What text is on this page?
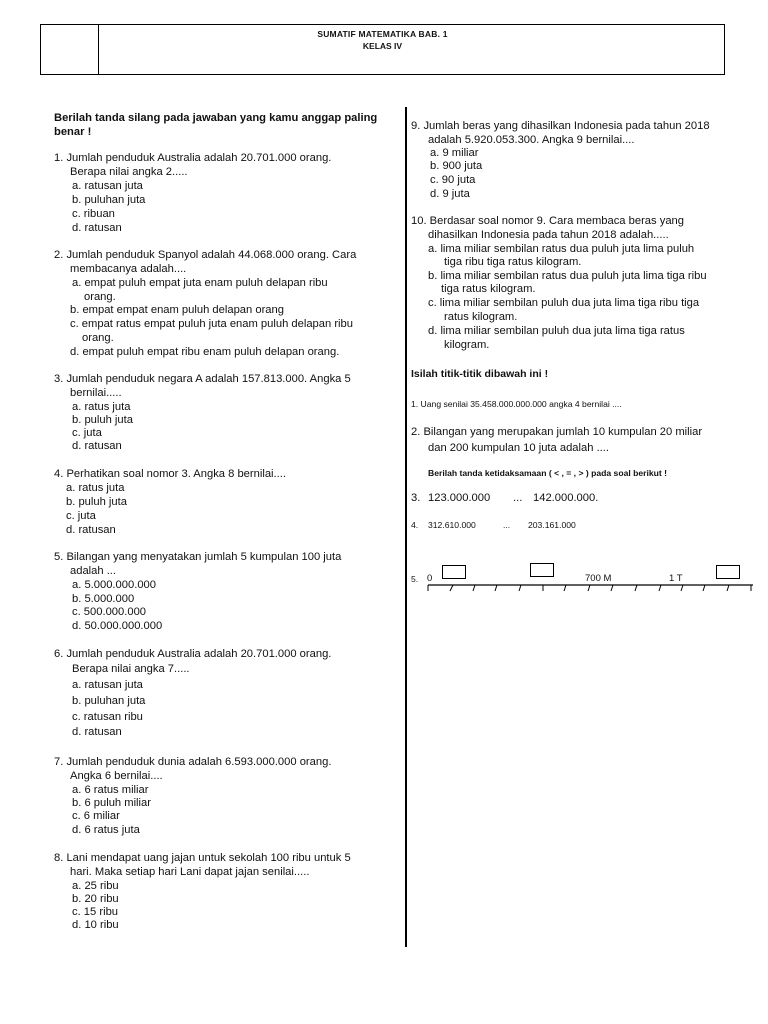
SUMATIF MATEMATIKA BAB. 1
KELAS IV
Berilah tanda silang pada jawaban yang kamu anggap paling
benar !
1. Jumlah penduduk Australia adalah 20.701.000 orang.
Berapa nilai angka 2.....
a. ratusan juta
b. puluhan juta
c. ribuan
d. ratusan
2. Jumlah penduduk Spanyol adalah 44.068.000 orang. Cara
membacanya adalah....
a. empat puluh empat juta enam puluh delapan ribu
orang.
b. empat empat enam puluh delapan orang
c. empat ratus empat puluh juta enam puluh delapan ribu
orang.
d. empat puluh empat ribu enam puluh delapan orang.
3. Jumlah penduduk negara A adalah 157.813.000. Angka 5
bernilai.....
a. ratus juta
b. puluh juta
c. juta
d. ratusan
4. Perhatikan soal nomor 3. Angka 8 bernilai....
a. ratus juta
b. puluh juta
c. juta
d. ratusan
5. Bilangan yang menyatakan jumlah 5 kumpulan 100 juta
adalah ...
a. 5.000.000.000
b. 5.000.000
c. 500.000.000
d. 50.000.000.000
6. Jumlah penduduk Australia adalah 20.701.000 orang.
Berapa nilai angka 7.....
a. ratusan juta
b. puluhan juta
c. ratusan ribu
d. ratusan
7. Jumlah penduduk dunia adalah 6.593.000.000 orang.
Angka 6 bernilai....
a. 6 ratus miliar
b. 6 puluh miliar
c. 6 miliar
d. 6 ratus juta
8. Lani mendapat uang jajan untuk sekolah 100 ribu untuk 5
hari. Maka setiap hari Lani dapat jajan senilai.....
a. 25 ribu
b. 20 ribu
c. 15 ribu
d. 10 ribu
9. Jumlah beras yang dihasilkan Indonesia pada tahun 2018
adalah 5.920.053.300. Angka 9 bernilai....
a. 9 miliar
b. 900 juta
c. 90 juta
d. 9 juta
10. Berdasar soal nomor 9. Cara membaca beras yang
dihasilkan Indonesia pada tahun 2018 adalah.....
a. lima miliar sembilan ratus dua puluh juta lima puluh
tiga ribu tiga ratus kilogram.
b. lima miliar sembilan ratus dua puluh juta lima tiga ribu
tiga ratus kilogram.
c. lima miliar sembilan puluh dua juta lima tiga ribu tiga
ratus kilogram.
d. lima miliar sembilan puluh dua juta lima tiga ratus
kilogram.
Isilah titik-titik dibawah ini !
1. Uang senilai 35.458.000.000.000 angka 4 bernilai ....
2. Bilangan yang merupakan jumlah 10 kumpulan 20 miliar
dan 200 kumpulan 10 juta adalah ....
Berilah tanda ketidaksamaan ( < , = , > ) pada soal berikut !
3. 123.000.000 ... 142.000.000.
4. 312.610.000	... 203.161.000
5. 0	700 M	1 T
